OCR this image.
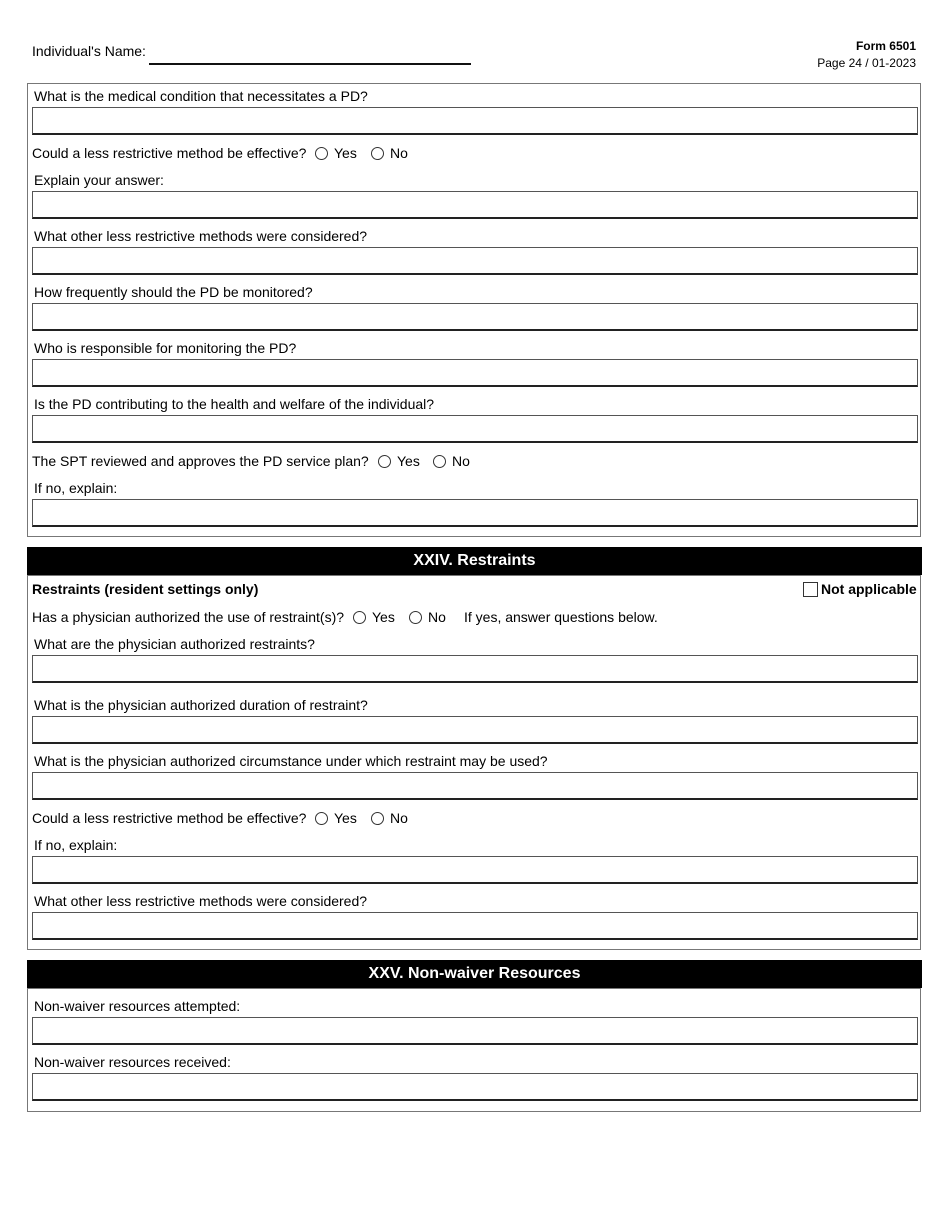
Individual's Name:	Form 6501
Page 24 / 01-2023
What is the medical condition that necessitates a PD?
Could a less restrictive method be effective? Yes No
Explain your answer:
What other less restrictive methods were considered?
How frequently should the PD be monitored?
Who is responsible for monitoring the PD?
Is the PD contributing to the health and welfare of the individual?
The SPT reviewed and approves the PD service plan? Yes No
If no, explain:
XXIV. Restraints
Restraints (resident settings only)	Not applicable
Has a physician authorized the use of restraint(s)? Yes No If yes, answer questions below.
What are the physician authorized restraints?
What is the physician authorized duration of restraint?
What is the physician authorized circumstance under which restraint may be used?
Could a less restrictive method be effective? Yes No
If no, explain:
What other less restrictive methods were considered?
XXV. Non-waiver Resources
Non-waiver resources attempted:
Non-waiver resources received:
